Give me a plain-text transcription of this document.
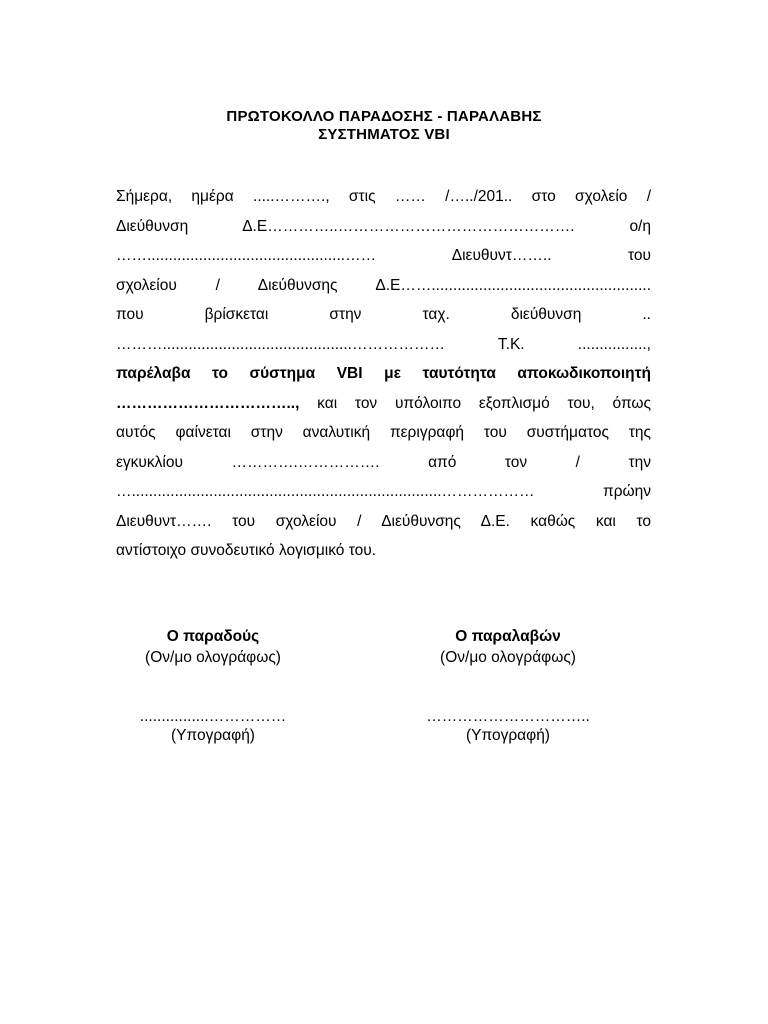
ΠΡΩΤΟΚΟΛΛΟ ΠΑΡΑΔΟΣΗΣ - ΠΑΡΑΛΑΒΗΣ
ΣΥΣΤΗΜΑΤΟΣ VBI
Σήμερα, ημέρα .....………., στις …… /…../201.. στο σχολείο /
Διεύθυνση Δ.Ε…………..………………………………………. ο/η
……..............................................…… Διευθυντ…….. του
σχολείου / Διεύθυνσης Δ.Ε……...................................................
που βρίσκεται στην ταχ. διεύθυνση ..
………............................................……………… Τ.Κ. ................,
παρέλαβα το σύστημα VBI με ταυτότητα αποκωδικοποιητή
…………………………….., και τον υπόλοιπο εξοπλισμό του, όπως
αυτός φαίνεται στην αναλυτική περιγραφή του συστήματος της
εγκυκλίου ………….……………. από τον / την
…........................................................................……………… πρώην
Διευθυντ……. του σχολείου / Διεύθυνσης Δ.Ε. καθώς και το
αντίστοιχο συνοδευτικό λογισμικό του.
Ο παραδούς
(Ον/μο ολογράφως)
................……………
(Υπογραφή)
Ο παραλαβών
(Ον/μο ολογράφως)
…………………………..
(Υπογραφή)
